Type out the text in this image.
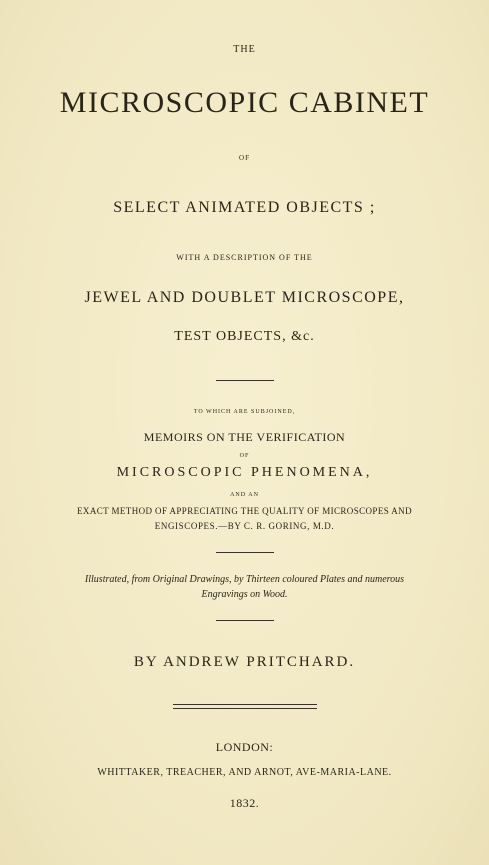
THE
MICROSCOPIC CABINET
OF
SELECT ANIMATED OBJECTS ;
WITH A DESCRIPTION OF THE
JEWEL AND DOUBLET MICROSCOPE,
TEST OBJECTS, &c.
TO WHICH ARE SUBJOINED,
MEMOIRS ON THE VERIFICATION
OF
MICROSCOPIC PHENOMENA,
AND AN
EXACT METHOD OF APPRECIATING THE QUALITY OF MICROSCOPES AND
ENGISCOPES.—BY C. R. GORING, M.D.
Illustrated, from Original Drawings, by Thirteen coloured Plates and numerous
Engravings on Wood.
BY ANDREW PRITCHARD.
LONDON:
WHITTAKER, TREACHER, AND ARNOT, AVE-MARIA-LANE.
1832.
